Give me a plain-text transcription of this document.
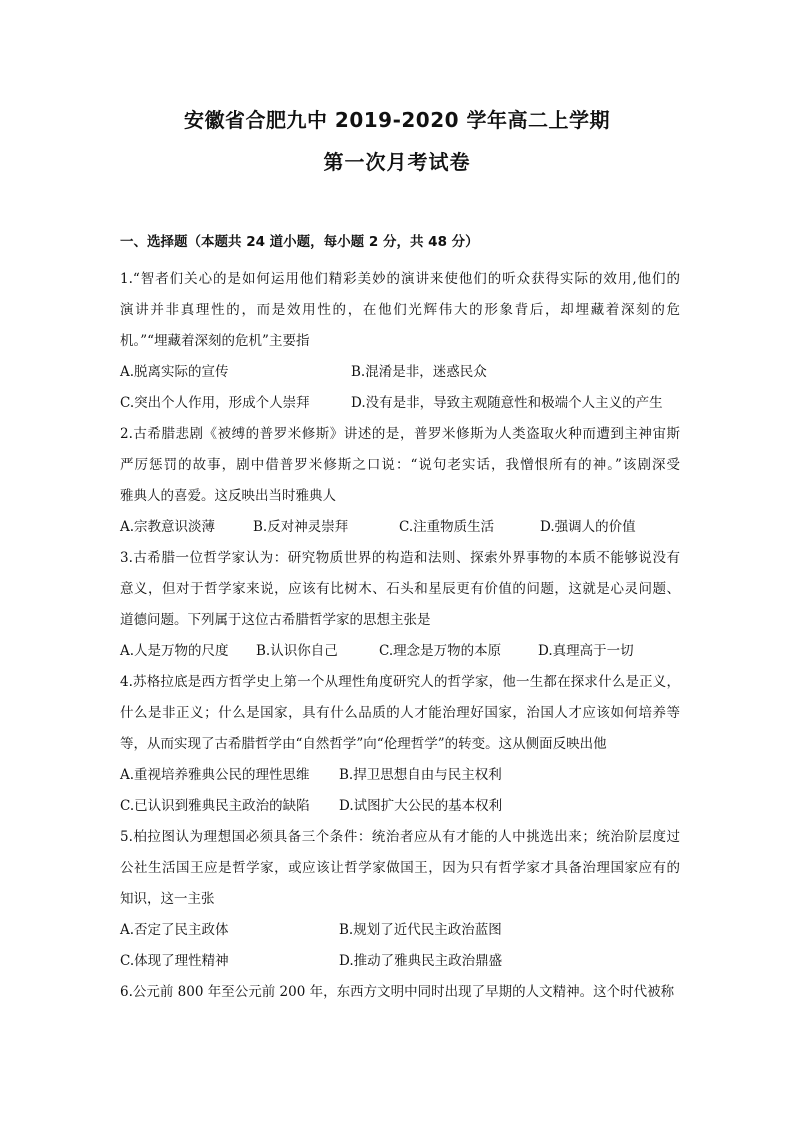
安徽省合肥九中 2019-2020 学年高二上学期
第一次月考试卷
一、选择题（本题共 24 道小题，每小题 2 分，共 48 分）
1.“智者们关心的是如何运用他们精彩美妙的演讲来使他们的听众获得实际的效用,他们的
演讲并非真理性的，而是效用性的，在他们光辉伟大的形象背后，却埋藏着深刻的危
机。”“埋藏着深刻的危机”主要指
A.脱离实际的宣传	B.混淆是非，迷惑民众
C.突出个人作用，形成个人崇拜	D.没有是非，导致主观随意性和极端个人主义的产生
2.古希腊悲剧《被缚的普罗米修斯》讲述的是，普罗米修斯为人类盗取火种而遭到主神宙斯
严厉惩罚的故事，剧中借普罗米修斯之口说：“说句老实话，我憎恨所有的神。”该剧深受
雅典人的喜爱。这反映出当时雅典人
A.宗教意识淡薄	B.反对神灵崇拜	C.注重物质生活	D.强调人的价值
3.古希腊一位哲学家认为：研究物质世界的构造和法则、探索外界事物的本质不能够说没有
意义，但对于哲学家来说，应该有比树木、石头和星辰更有价值的问题，这就是心灵问题、
道德问题。下列属于这位古希腊哲学家的思想主张是
A.人是万物的尺度 B.认识你自己	C.理念是万物的本原	D.真理高于一切
4.苏格拉底是西方哲学史上第一个从理性角度研究人的哲学家，他一生都在探求什么是正义，
什么是非正义；什么是国家，具有什么品质的人才能治理好国家，治国人才应该如何培养等
等，从而实现了古希腊哲学由“自然哲学”向“伦理哲学”的转变。这从侧面反映出他
A.重视培养雅典公民的理性思维 B.捍卫思想自由与民主权利
C.已认识到雅典民主政治的缺陷 D.试图扩大公民的基本权利
5.柏拉图认为理想国必须具备三个条件：统治者应从有才能的人中挑选出来；统治阶层度过
公社生活国王应是哲学家，或应该让哲学家做国王，因为只有哲学家才具备治理国家应有的
知识，这一主张
A.否定了民主政体	B.规划了近代民主政治蓝图
C.体现了理性精神	D.推动了雅典民主政治鼎盛
6.公元前 800 年至公元前 200 年，东西方文明中同时出现了早期的人文精神。这个时代被称
